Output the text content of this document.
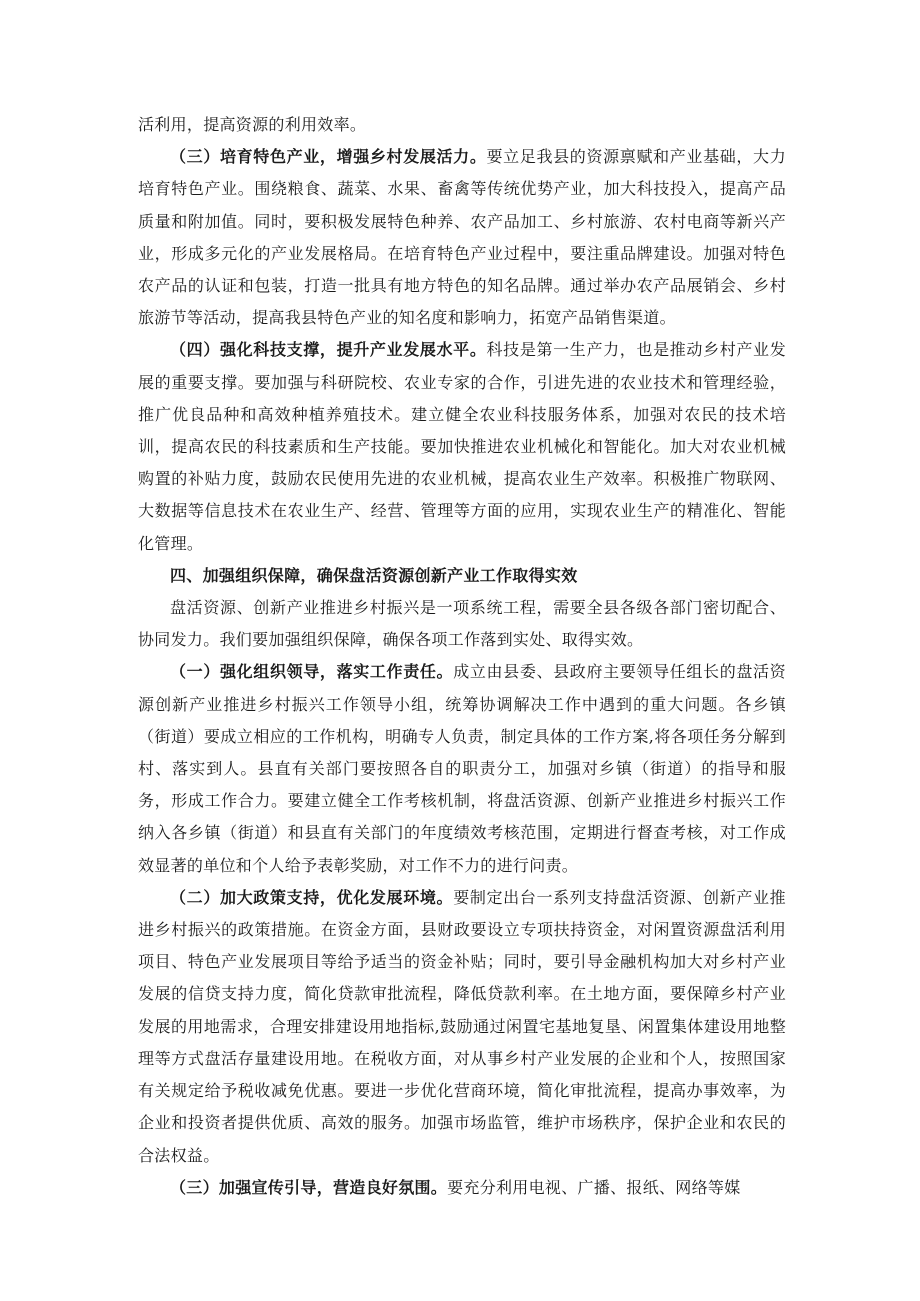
活利用，提高资源的利用效率。

（三）培育特色产业，增强乡村发展活力。要立足我县的资源禀赋和产业基础，大力培育特色产业。围绕粮食、蔬菜、水果、畜禽等传统优势产业，加大科技投入，提高产品质量和附加值。同时，要积极发展特色种养、农产品加工、乡村旅游、农村电商等新兴产业，形成多元化的产业发展格局。在培育特色产业过程中，要注重品牌建设。加强对特色农产品的认证和包装，打造一批具有地方特色的知名品牌。通过举办农产品展销会、乡村旅游节等活动，提高我县特色产业的知名度和影响力，拓宽产品销售渠道。

（四）强化科技支撑，提升产业发展水平。科技是第一生产力，也是推动乡村产业发展的重要支撑。要加强与科研院校、农业专家的合作，引进先进的农业技术和管理经验，推广优良品种和高效种植养殖技术。建立健全农业科技服务体系，加强对农民的技术培训，提高农民的科技素质和生产技能。要加快推进农业机械化和智能化。加大对农业机械购置的补贴力度，鼓励农民使用先进的农业机械，提高农业生产效率。积极推广物联网、大数据等信息技术在农业生产、经营、管理等方面的应用，实现农业生产的精准化、智能化管理。

四、加强组织保障，确保盘活资源创新产业工作取得实效

盘活资源、创新产业推进乡村振兴是一项系统工程，需要全县各级各部门密切配合、协同发力。我们要加强组织保障，确保各项工作落到实处、取得实效。

（一）强化组织领导，落实工作责任。成立由县委、县政府主要领导任组长的盘活资源创新产业推进乡村振兴工作领导小组，统筹协调解决工作中遇到的重大问题。各乡镇（街道）要成立相应的工作机构，明确专人负责，制定具体的工作方案,将各项任务分解到村、落实到人。县直有关部门要按照各自的职责分工，加强对乡镇（街道）的指导和服务，形成工作合力。要建立健全工作考核机制，将盘活资源、创新产业推进乡村振兴工作纳入各乡镇（街道）和县直有关部门的年度绩效考核范围，定期进行督查考核，对工作成效显著的单位和个人给予表彰奖励，对工作不力的进行问责。

（二）加大政策支持，优化发展环境。要制定出台一系列支持盘活资源、创新产业推进乡村振兴的政策措施。在资金方面，县财政要设立专项扶持资金，对闲置资源盘活利用项目、特色产业发展项目等给予适当的资金补贴；同时，要引导金融机构加大对乡村产业发展的信贷支持力度，简化贷款审批流程，降低贷款利率。在土地方面，要保障乡村产业发展的用地需求，合理安排建设用地指标,鼓励通过闲置宅基地复垦、闲置集体建设用地整理等方式盘活存量建设用地。在税收方面，对从事乡村产业发展的企业和个人，按照国家有关规定给予税收减免优惠。要进一步优化营商环境，简化审批流程，提高办事效率，为企业和投资者提供优质、高效的服务。加强市场监管，维护市场秩序，保护企业和农民的合法权益。

（三）加强宣传引导，营造良好氛围。要充分利用电视、广播、报纸、网络等媒
